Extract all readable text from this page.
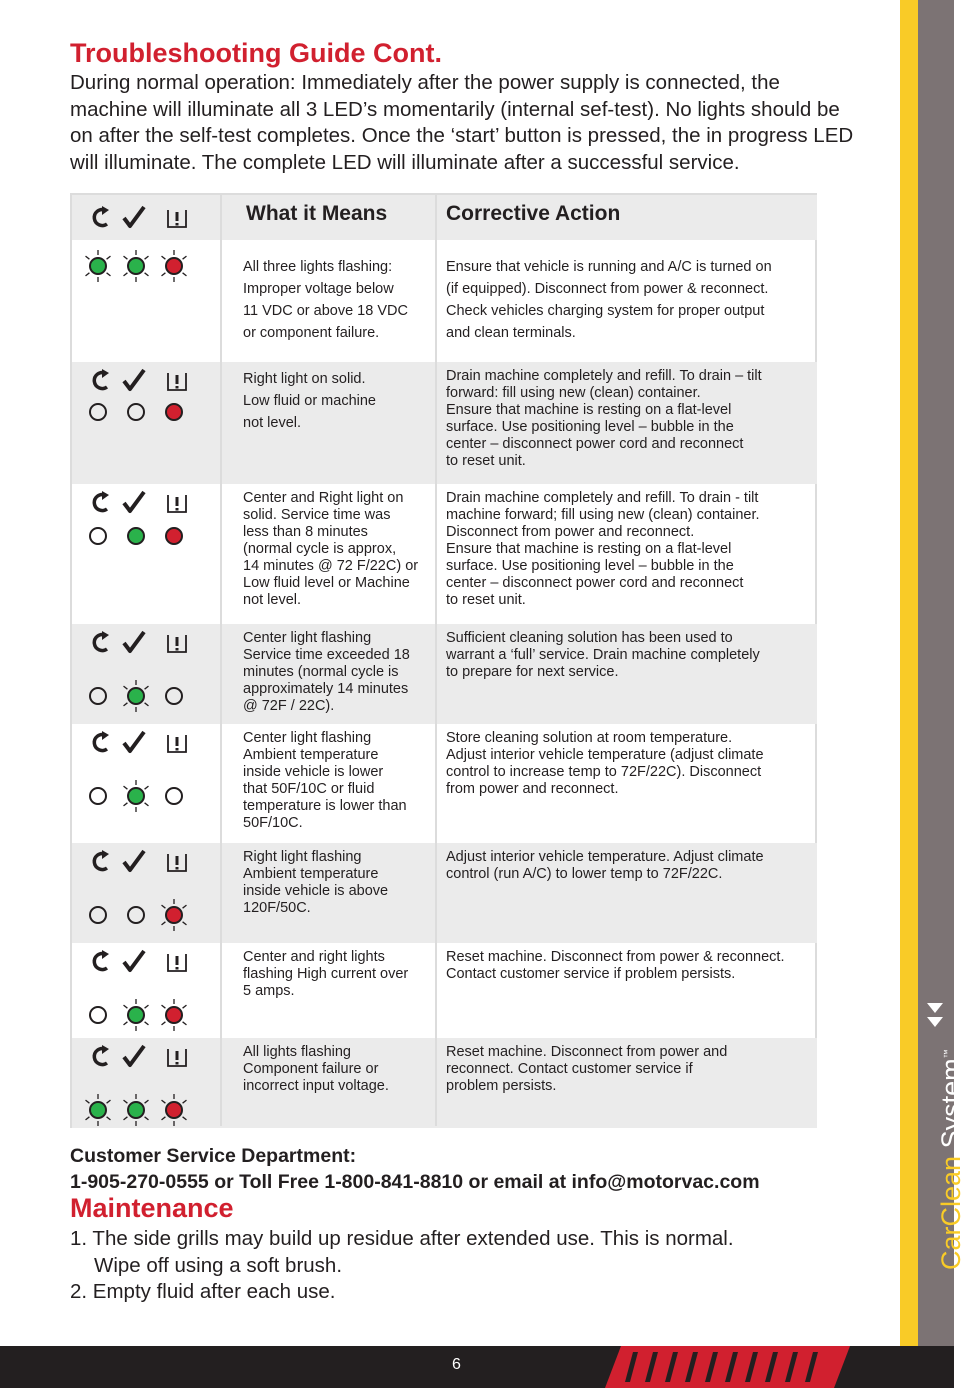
Troubleshooting Guide Cont.

During normal operation: Immediately after the power supply is connected, the machine will illuminate all 3 LED’s momentarily (internal sef-test). No lights should be on after the self-test completes. Once the ‘start’ button is pressed, the in progress LED will illuminate. The complete LED will illuminate after a successful service.

What it Means	Corrective Action
All three lights flashing:
Improper voltage below
11 VDC or above 18 VDC
or component failure.
Ensure that vehicle is running and A/C is turned on
(if equipped). Disconnect from power & reconnect.
Check vehicles charging system for proper output
and clean terminals.
Right light on solid.
Low fluid or machine
not level.
Drain machine completely and refill. To drain – tilt
forward: fill using new (clean) container.
Ensure that machine is resting on a flat-level
surface. Use positioning level – bubble in the
center – disconnect power cord and reconnect
to reset unit.
Center and Right light on
solid. Service time was
less than 8 minutes
(normal cycle is approx,
14 minutes @ 72 F/22C) or
Low fluid level or Machine
not level.
Drain machine completely and refill. To drain - tilt
machine forward; fill using new (clean) container.
Disconnect from power and reconnect.
Ensure that machine is resting on a flat-level
surface. Use positioning level – bubble in the
center – disconnect power cord and reconnect
to reset unit.
Center light flashing
Service time exceeded 18
minutes (normal cycle is
approximately 14 minutes
@ 72F / 22C).
Sufficient cleaning solution has been used to
warrant a ‘full’ service. Drain machine completely
to prepare for next service.
Center light flashing
Ambient temperature
inside vehicle is lower
that 50F/10C or fluid
temperature is lower than
50F/10C.
Store cleaning solution at room temperature.
Adjust interior vehicle temperature (adjust climate
control to increase temp to 72F/22C). Disconnect
from power and reconnect.
Right light flashing
Ambient temperature
inside vehicle is above
120F/50C.
Adjust interior vehicle temperature. Adjust climate
control (run A/C) to lower temp to 72F/22C.
Center and right lights
flashing High current over
5 amps.
Reset machine. Disconnect from power & reconnect.
Contact customer service if problem persists.
All lights flashing
Component failure or
incorrect input voltage.
Reset machine. Disconnect from power and
reconnect. Contact customer service if
problem persists.

Customer Service Department:
1-905-270-0555 or Toll Free 1-800-841-8810 or email at info@motorvac.com

Maintenance
1. The side grills may build up residue after extended use. This is normal.
Wipe off using a soft brush.
2. Empty fluid after each use.
CarClean System™
6
